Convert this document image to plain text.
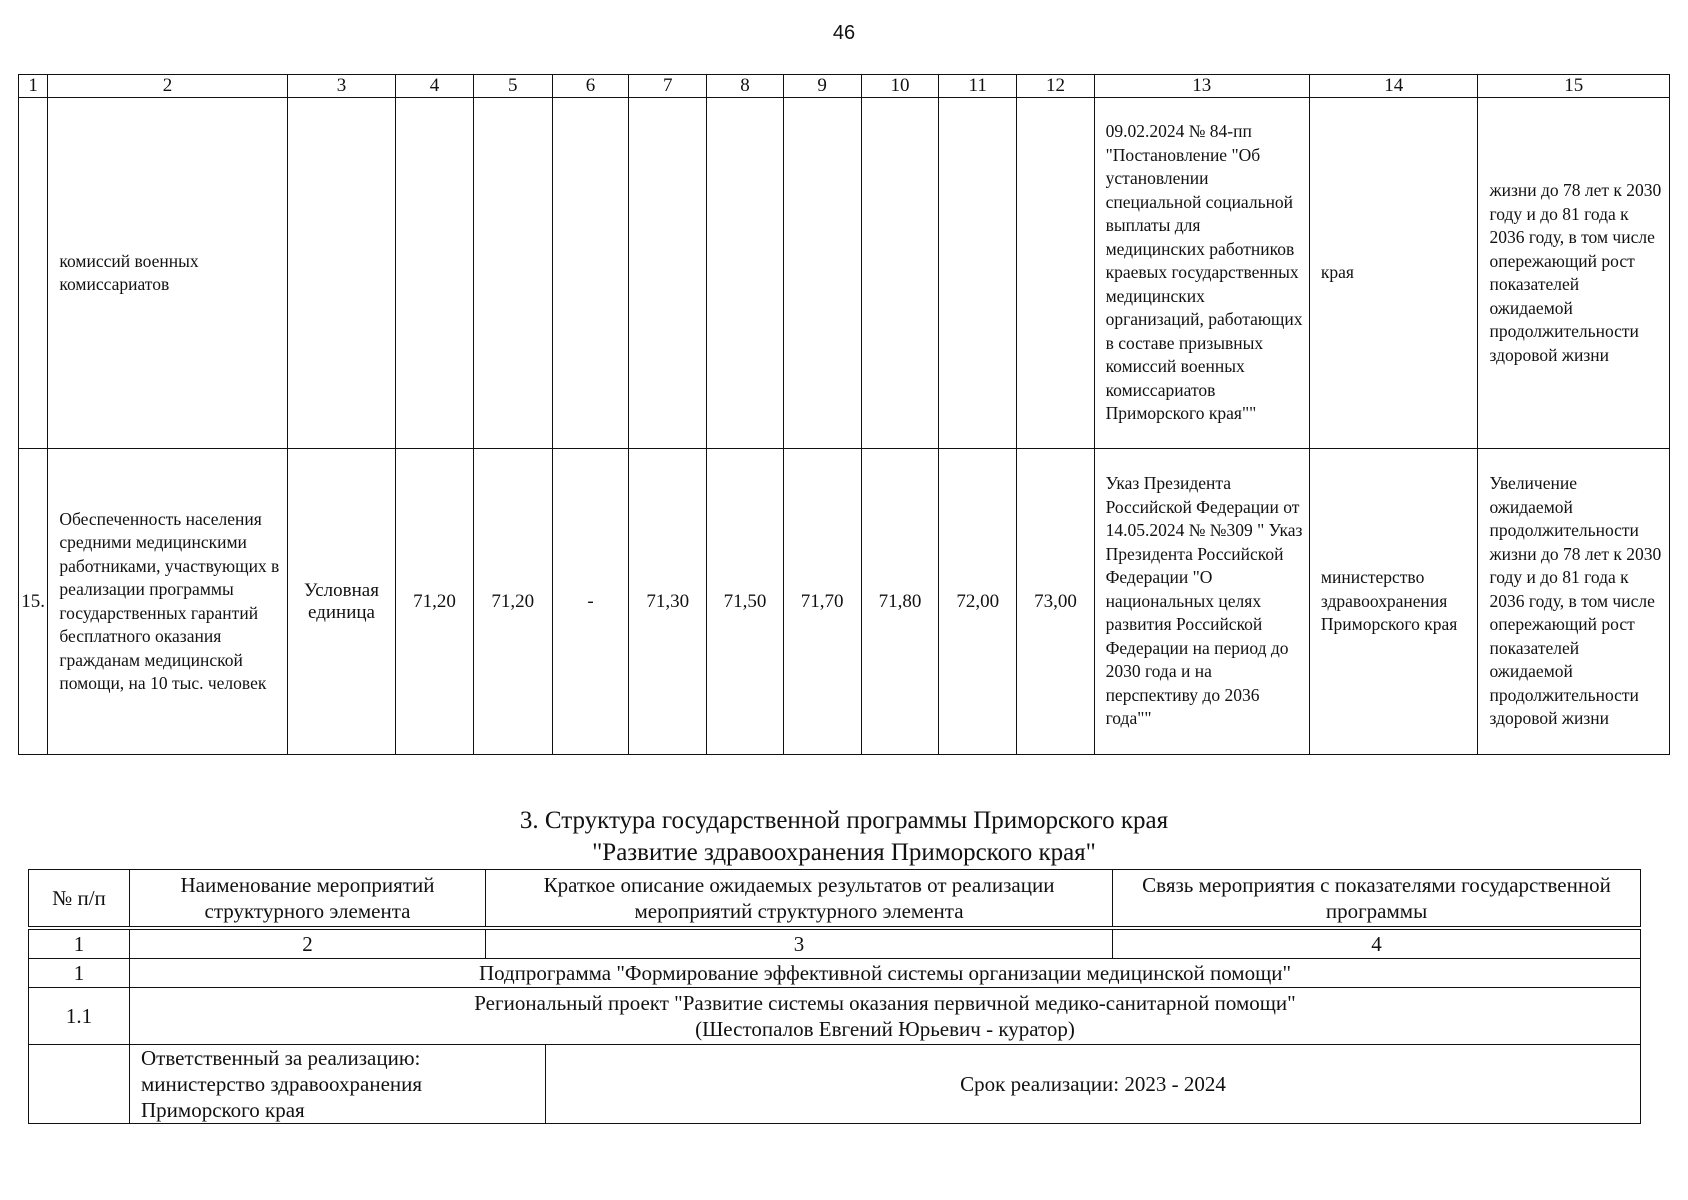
46
1	2	3	4	5	6	7	8	9	10	11	12	13	14	15
	комиссий военных комиссариатов											09.02.2024 № 84-пп "Постановление "Об установлении специальной социальной выплаты для медицинских работников краевых государственных медицинских организаций, работающих в составе призывных комиссий военных комиссариатов Приморского края""	края	жизни до 78 лет к 2030 году и до 81 года к 2036 году, в том числе опережающий рост показателей ожидаемой продолжительности здоровой жизни
15.	Обеспеченность населения средними медицинскими работниками, участвующих в реализации программы государственных гарантий бесплатного оказания гражданам медицинской помощи, на 10 тыс. человек	Условная единица	71,20	71,20	-	71,30	71,50	71,70	71,80	72,00	73,00	Указ Президента Российской Федерации от 14.05.2024 № №309 " Указ Президента Российской Федерации "О национальных целях развития Российской Федерации на период до 2030 года и на перспективу до 2036 года""	министерство здравоохранения Приморского края	Увеличение ожидаемой продолжительности жизни до 78 лет к 2030 году и до 81 года к 2036 году, в том числе опережающий рост показателей ожидаемой продолжительности здоровой жизни
3. Структура государственной программы Приморского края
"Развитие здравоохранения Приморского края"
№ п/п	Наименование мероприятий структурного элемента	Краткое описание ожидаемых результатов от реализации мероприятий структурного элемента		Связь мероприятия с показателями государственной программы

1	2	3		4
1	Подпрограмма "Формирование эффективной системы организации медицинской помощи"			
1.1	Региональный проект "Развитие системы оказания первичной медико-санитарной помощи"
(Шестопалов Евгений Юрьевич - куратор)			

	Ответственный за реализацию: министерство здравоохранения Приморского края		Срок реализации: 2023 - 2024	
